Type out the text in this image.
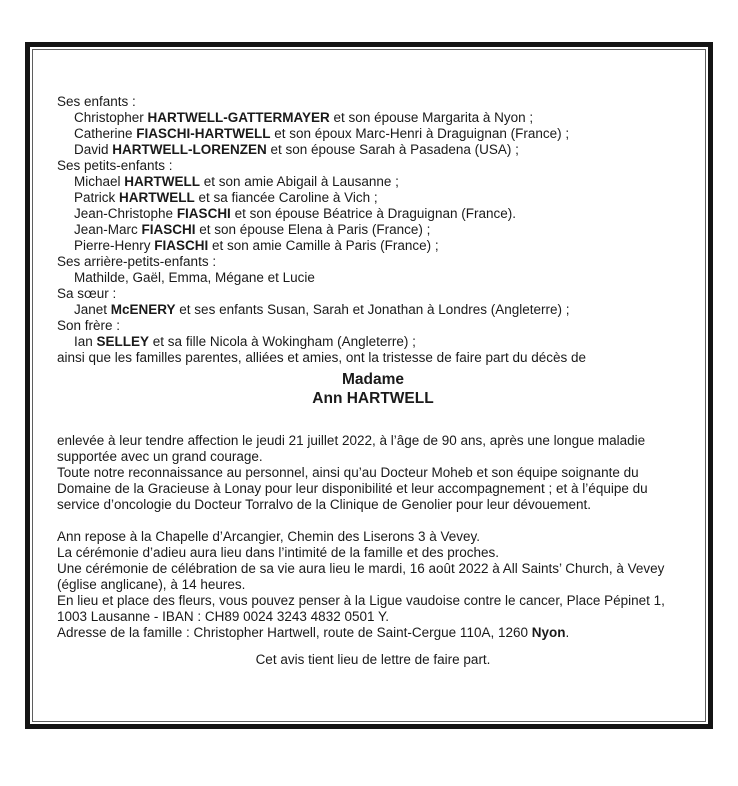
Ses enfants :
Christopher HARTWELL-GATTERMAYER et son épouse Margarita à Nyon ;
Catherine FIASCHI-HARTWELL et son époux Marc-Henri à Draguignan (France) ;
David HARTWELL-LORENZEN et son épouse Sarah à Pasadena (USA) ;
Ses petits-enfants :
Michael HARTWELL et son amie Abigail à Lausanne ;
Patrick HARTWELL et sa fiancée Caroline à Vich ;
Jean-Christophe FIASCHI et son épouse Béatrice à Draguignan (France).
Jean-Marc FIASCHI et son épouse Elena à Paris (France) ;
Pierre-Henry FIASCHI et son amie Camille à Paris (France) ;
Ses arrière-petits-enfants :
Mathilde, Gaël, Emma, Mégane et Lucie
Sa sœur :
Janet McENERY et ses enfants Susan, Sarah et Jonathan à Londres (Angleterre) ;
Son frère :
Ian SELLEY et sa fille Nicola à Wokingham (Angleterre) ;
ainsi que les familles parentes, alliées et amies, ont la tristesse de faire part du décès de
Madame
Ann HARTWELL
enlevée à leur tendre affection le jeudi 21 juillet 2022, à l’âge de 90 ans, après une longue maladie
supportée avec un grand courage.
Toute notre reconnaissance au personnel, ainsi qu’au Docteur Moheb et son équipe soignante du
Domaine de la Gracieuse à Lonay pour leur disponibilité et leur accompagnement ; et à l’équipe du
service d’oncologie du Docteur Torralvo de la Clinique de Genolier pour leur dévouement.
Ann repose à la Chapelle d’Arcangier, Chemin des Liserons 3 à Vevey.
La cérémonie d’adieu aura lieu dans l’intimité de la famille et des proches.
Une cérémonie de célébration de sa vie aura lieu le mardi, 16 août 2022 à All Saints’ Church, à Vevey
(église anglicane), à 14 heures.
En lieu et place des fleurs, vous pouvez penser à la Ligue vaudoise contre le cancer, Place Pépinet 1,
1003 Lausanne - IBAN : CH89 0024 3243 4832 0501 Y.
Adresse de la famille : Christopher Hartwell, route de Saint-Cergue 110A, 1260 Nyon.
Cet avis tient lieu de lettre de faire part.
